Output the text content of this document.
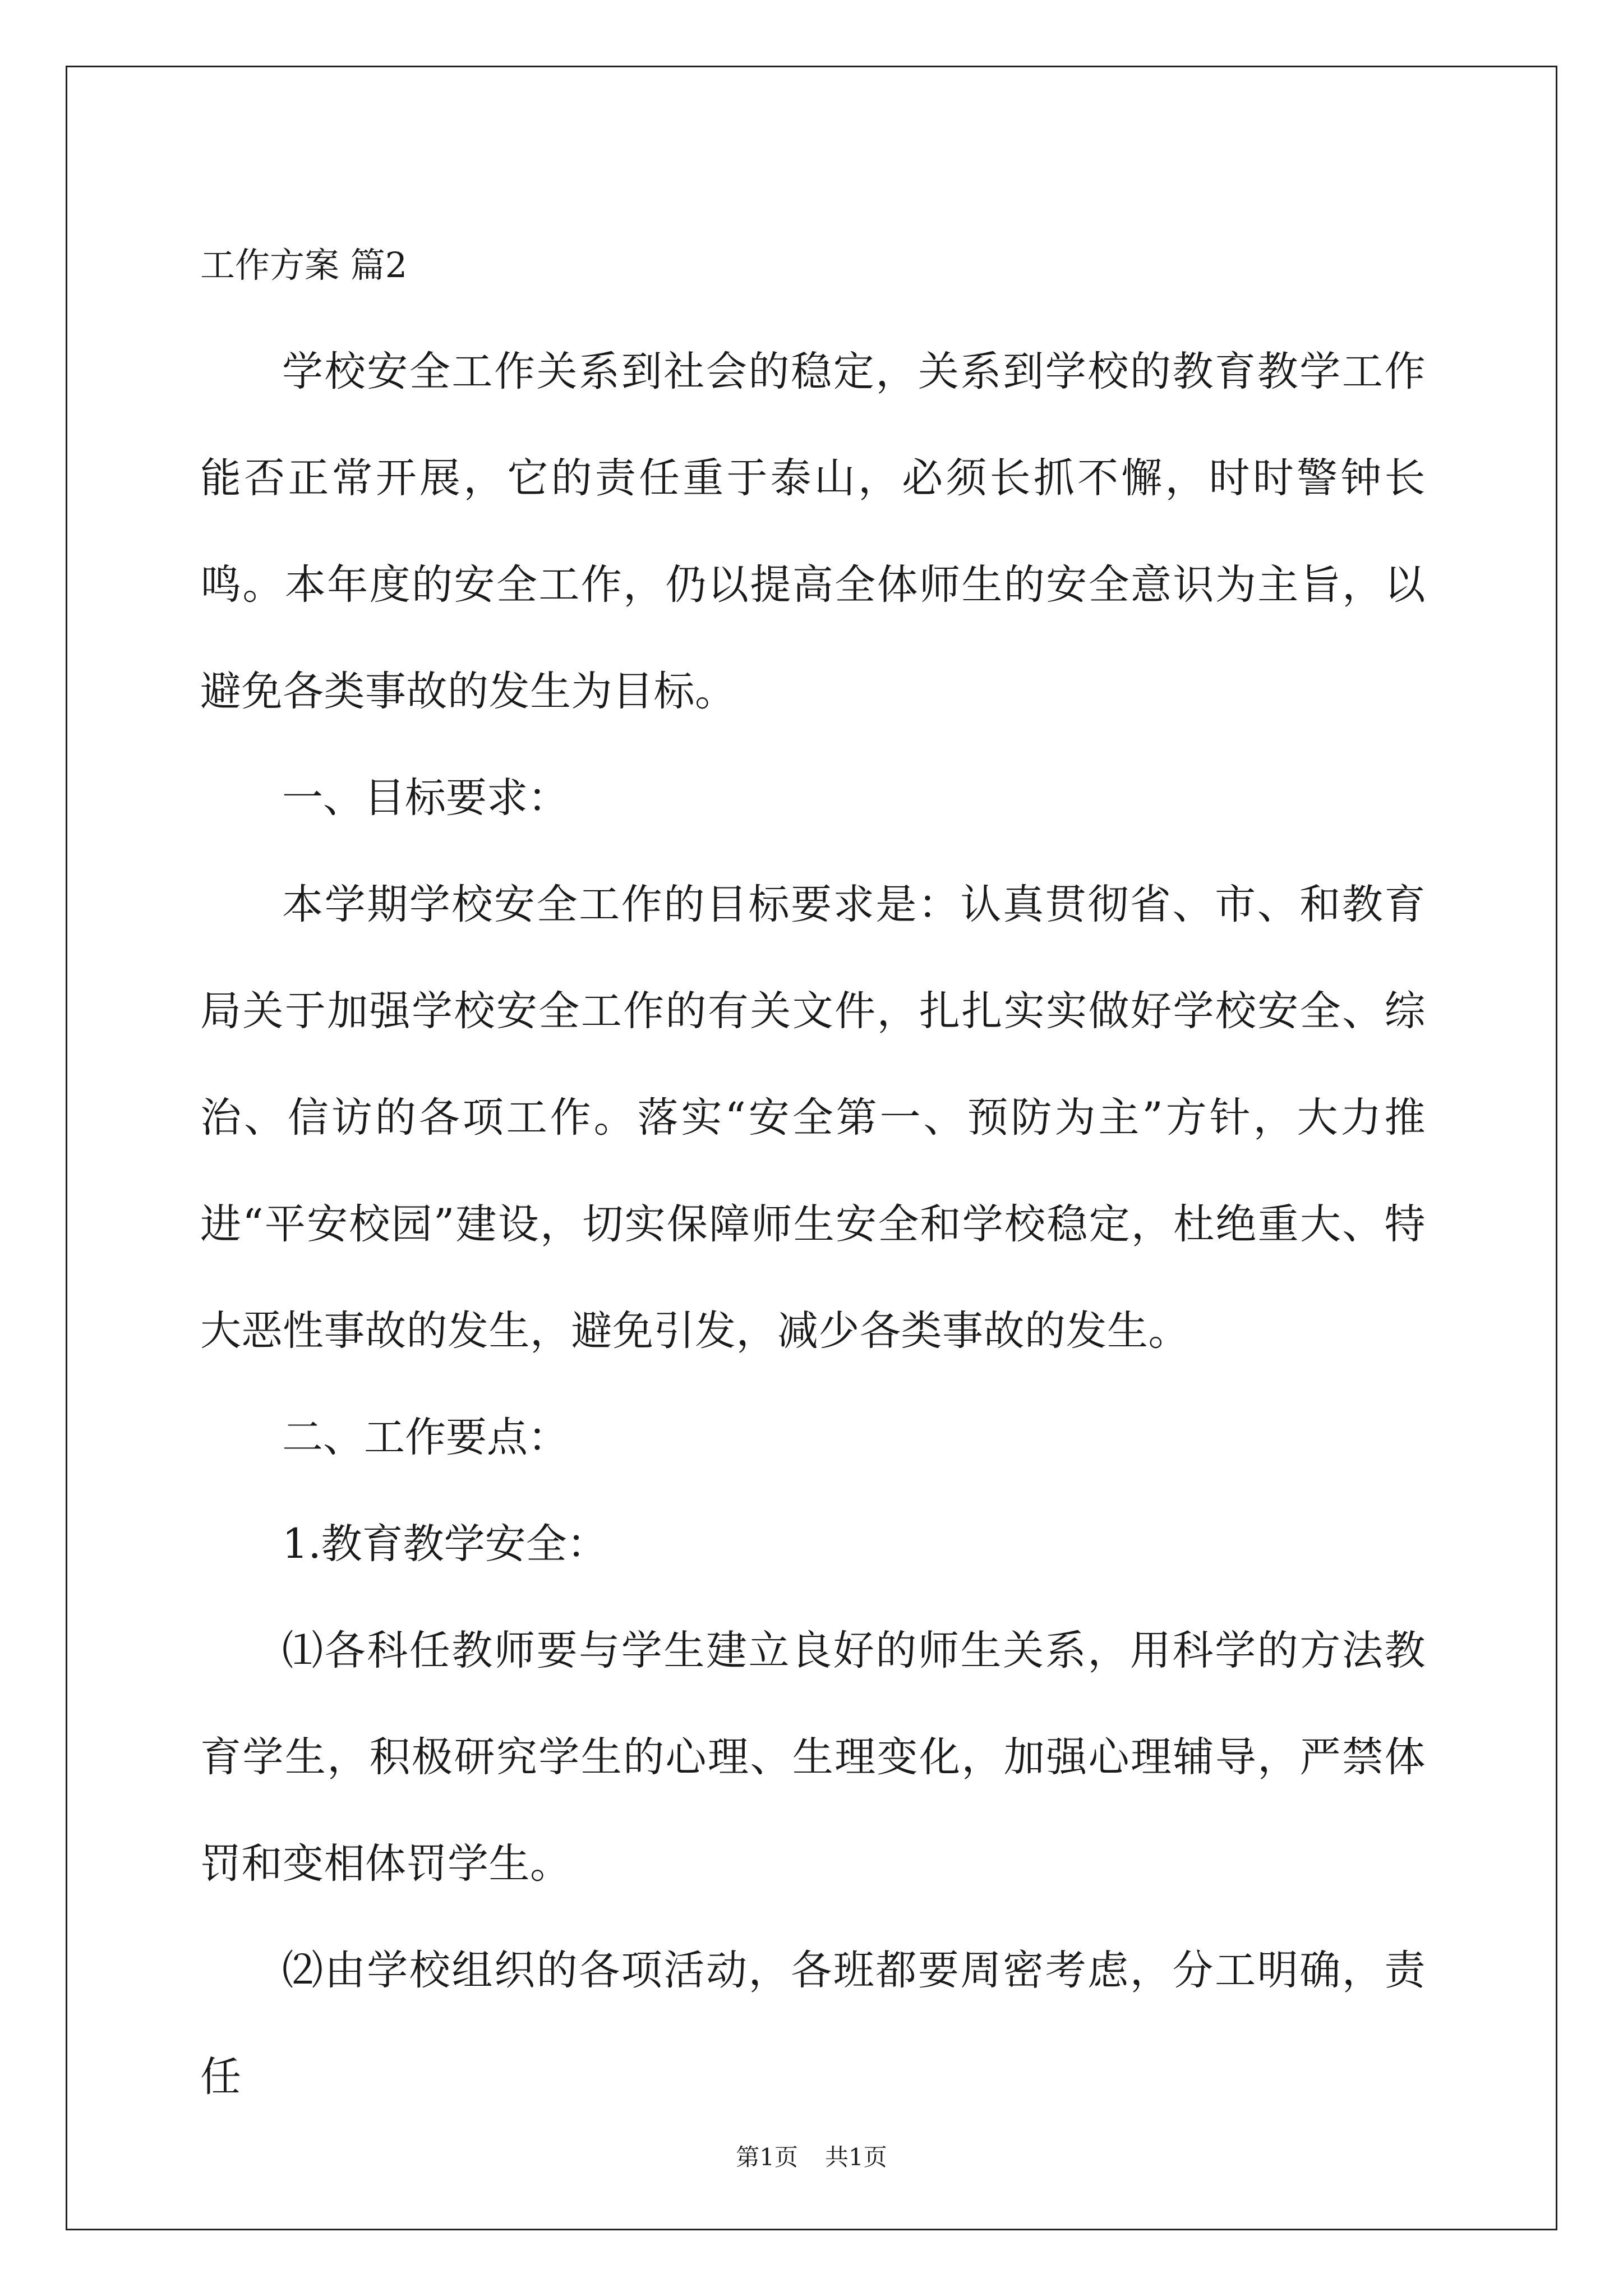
工作方案 篇2

学校安全工作关系到社会的稳定，关系到学校的教育教学工作能否正常开展，它的责任重于泰山，必须长抓不懈，时时警钟长鸣。本年度的安全工作，仍以提高全体师生的安全意识为主旨，以避免各类事故的发生为目标。

一、目标要求：

本学期学校安全工作的目标要求是：认真贯彻省、市、和教育局关于加强学校安全工作的有关文件，扎扎实实做好学校安全、综治、信访的各项工作。落实“安全第一、预防为主”方针，大力推进“平安校园”建设，切实保障师生安全和学校稳定，杜绝重大、特大恶性事故的发生，避免引发，减少各类事故的发生。

二、工作要点：

1.教育教学安全：

⑴各科任教师要与学生建立良好的师生关系，用科学的方法教育学生，积极研究学生的心理、生理变化，加强心理辅导，严禁体罚和变相体罚学生。

⑵由学校组织的各项活动，各班都要周密考虑，分工明确，责任

第1页 共1页
